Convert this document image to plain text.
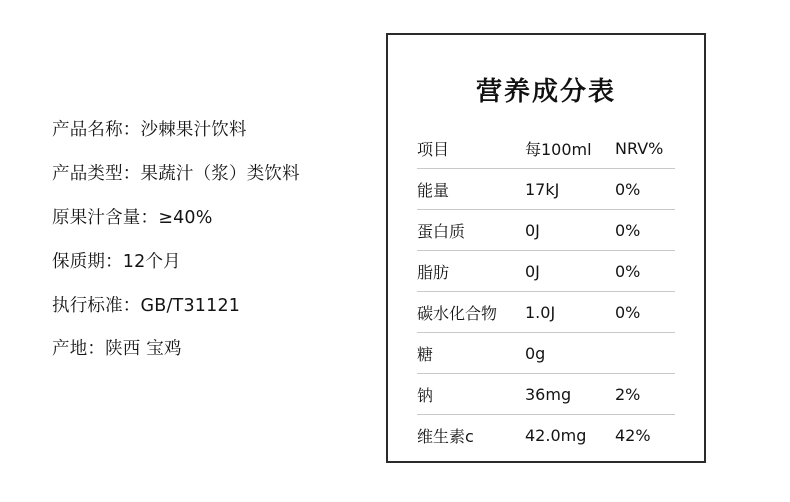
产品名称：沙棘果汁饮料
产品类型：果蔬汁（浆）类饮料
原果汁含量：≥40%
保质期：12个月
执行标准：GB/T31121
产地：陕西 宝鸡
营养成分表
项目	每100ml	NRV%
能量	17kJ	0%
蛋白质	0J	0%
脂肪	0J	0%
碳水化合物	1.0J	0%
糖	0g	
钠	36mg	2%
维生素c	42.0mg	42%
